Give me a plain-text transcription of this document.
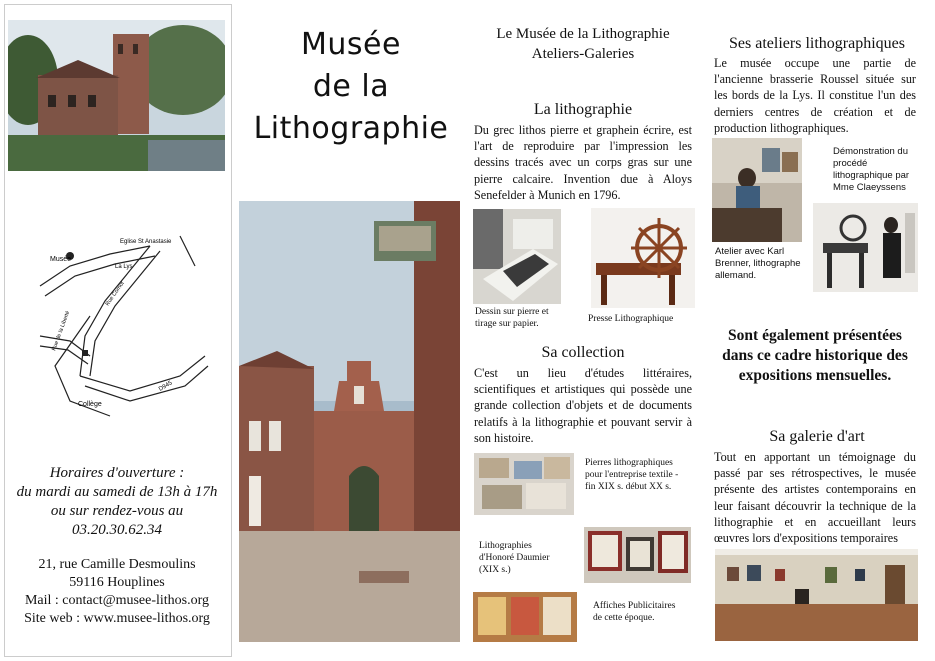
Musée
Eglise St Anastasie
La Lys
Collège
D945
Rue Cornot
Rue de la Liberté
Horaires d'ouverture :
du mardi au samedi de 13h à 17h
ou sur rendez-vous au
03.20.30.62.34
21, rue Camille Desmoulins
59116 Houplines
Mail : contact@musee-lithos.org
Site web : www.musee-lithos.org
Musée
de la
Lithographie
Le Musée de la Lithographie
Ateliers-Galeries
La lithographie
Du grec lithos pierre et graphein écrire, est l'art de reproduire par l'impression les dessins tracés avec un corps gras sur une pierre calcaire. Invention due à Aloys Senefelder à Munich en 1796.
Dessin sur pierre et tirage sur papier.	Presse Lithographique
Sa collection
C'est un lieu d'études littéraires, scientifiques et artistiques qui possède une grande collection d'objets et de documents relatifs à la lithographie et pouvant servir à son histoire.
Pierres lithographiques pour l'entreprise textile - fin XIX s. début XX s.
Lithographies d'Honoré Daumier (XIX s.)
Affiches Publicitaires de cette époque.
Ses ateliers lithographiques
Le musée occupe une partie de l'ancienne brasserie Roussel située sur les bords de la Lys. Il constitue l'un des derniers centres de création et de production lithographiques.
Atelier avec Karl Brenner, lithographe allemand.
Démonstration du procédé lithographique par Mme Claeyssens
Sont également présentées dans ce cadre historique des expositions mensuelles.
Sa galerie d'art
Tout en apportant un témoignage du passé par ses rétrospectives, le musée présente des artistes contemporains en leur faisant découvrir la technique de la lithographie et en accueillant leurs œuvres lors d'expositions temporaires
